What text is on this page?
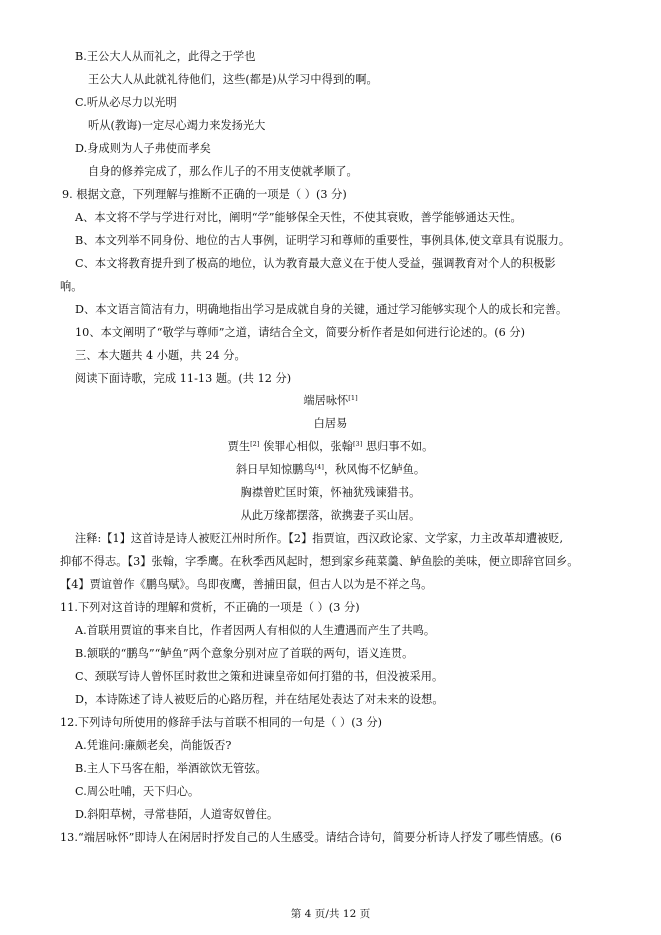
B.王公大人从而礼之，此得之于学也
王公大人从此就礼待他们，这些(都是)从学习中得到的啊。
C.听从必尽力以光明
听从(教诲)一定尽心竭力来发扬光大
D.身成则为人子弗使而孝矣
自身的修养完成了，那么作儿子的不用支使就孝顺了。
9. 根据文意，下列理解与推断不正确的一项是（ ）(3 分)
A、本文将不学与学进行对比，阐明“学”能够保全天性，不使其衰败，善学能够通达天性。
B、本文列举不同身份、地位的古人事例，证明学习和尊师的重要性，事例具体,使文章具有说服力。
C、本文将教育提升到了极高的地位，认为教育最大意义在于使人受益，强调教育对个人的积极影
响。
D、本文语言简洁有力，明确地指出学习是成就自身的关键，通过学习能够实现个人的成长和完善。
10、本文阐明了“敬学与尊师”之道，请结合全文，简要分析作者是如何进行论述的。(6 分)
三、本大题共 4 小题，共 24 分。
阅读下面诗歌，完成 11-13 题。(共 12 分)
端居咏怀[1]
白居易
贾生[2] 俟罪心相似，张翰[3] 思归事不如。
斜日早知惊鹏鸟[4]，秋风悔不忆鲈鱼。
胸襟曾贮匡时策，怀袖犹残谏猎书。
从此万缘都摆落，欲携妻子买山居。
注释:【1】这首诗是诗人被贬江州时所作。【2】指贾谊，西汉政论家、文学家，力主改革却遭被贬,
抑郁不得志。【3】张翰，字季鹰。在秋季西风起时，想到家乡莼菜羹、鲈鱼脍的美味，便立即辞官回乡。
【4】贾谊曾作《鹏鸟赋》。鸟即夜鹰，善捕田鼠，但古人以为是不祥之鸟。
11.下列对这首诗的理解和赏析，不正确的一项是（ ）(3 分)
A.首联用贾谊的事来自比，作者因两人有相似的人生遭遇而产生了共鸣。
B.颔联的“鹏鸟”“鲈鱼”两个意象分别对应了首联的两句，语义连贯。
C、颈联写诗人曾怀匡时救世之策和进谏皇帝如何打猎的书，但没被采用。
D，本诗陈述了诗人被贬后的心路历程，并在结尾处表达了对未来的设想。
12.下列诗句所使用的修辞手法与首联不相同的一句是（ ）(3 分)
A.凭谁问:廉颇老矣，尚能饭否?
B.主人下马客在船，举酒欲饮无管弦。
C.周公吐哺，天下归心。
D.斜阳草树，寻常巷陌，人道寄奴曾住。
13.“端居咏怀”即诗人在闲居时抒发自己的人生感受。请结合诗句，简要分析诗人抒发了哪些情感。(6
第 4 页/共 12 页
